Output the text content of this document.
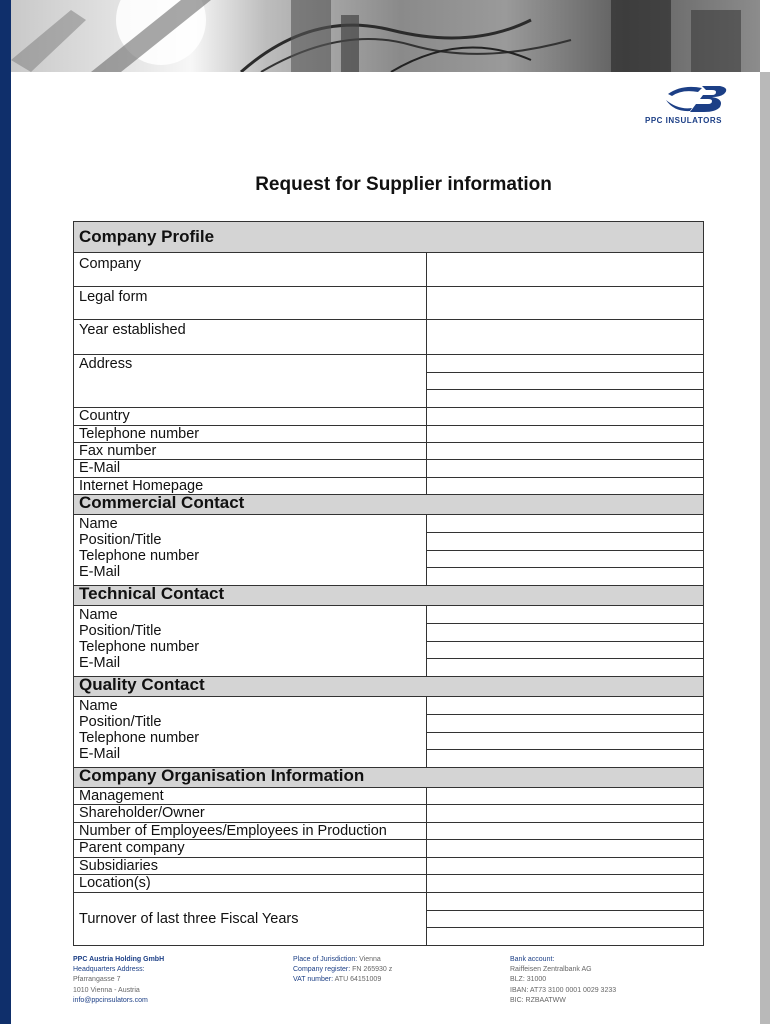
PPC INSULATORS
Request for Supplier information
Company Profile	
Company	
Legal form	
Year established	
Address	

Country	
Telephone number	
Fax number	
E-Mail	
Internet Homepage	
Commercial Contact	

Name
Position/Title
Telephone number
E-Mail	

Technical Contact	

Name
Position/Title
Telephone number
E-Mail	

Quality Contact	

Name
Position/Title
Telephone number
E-Mail	

Company Organisation Information	
Management	
Shareholder/Owner	
Number of Employees/Employees in Production	
Parent company	
Subsidiaries	
Location(s)	
Turnover of last three Fiscal Years	
PPC Austria Holding GmbH
Headquarters Address:
Pfarrangasse 7
1010 Vienna - Austria
info@ppcinsulators.com
Place of Jurisdiction: Vienna
Company register: FN 265930 z
VAT number: ATU 64151009
Bank account:
Raiffeisen Zentralbank AG
BLZ: 31000
IBAN: AT73 3100 0001 0029 3233
BIC: RZBAATWW
